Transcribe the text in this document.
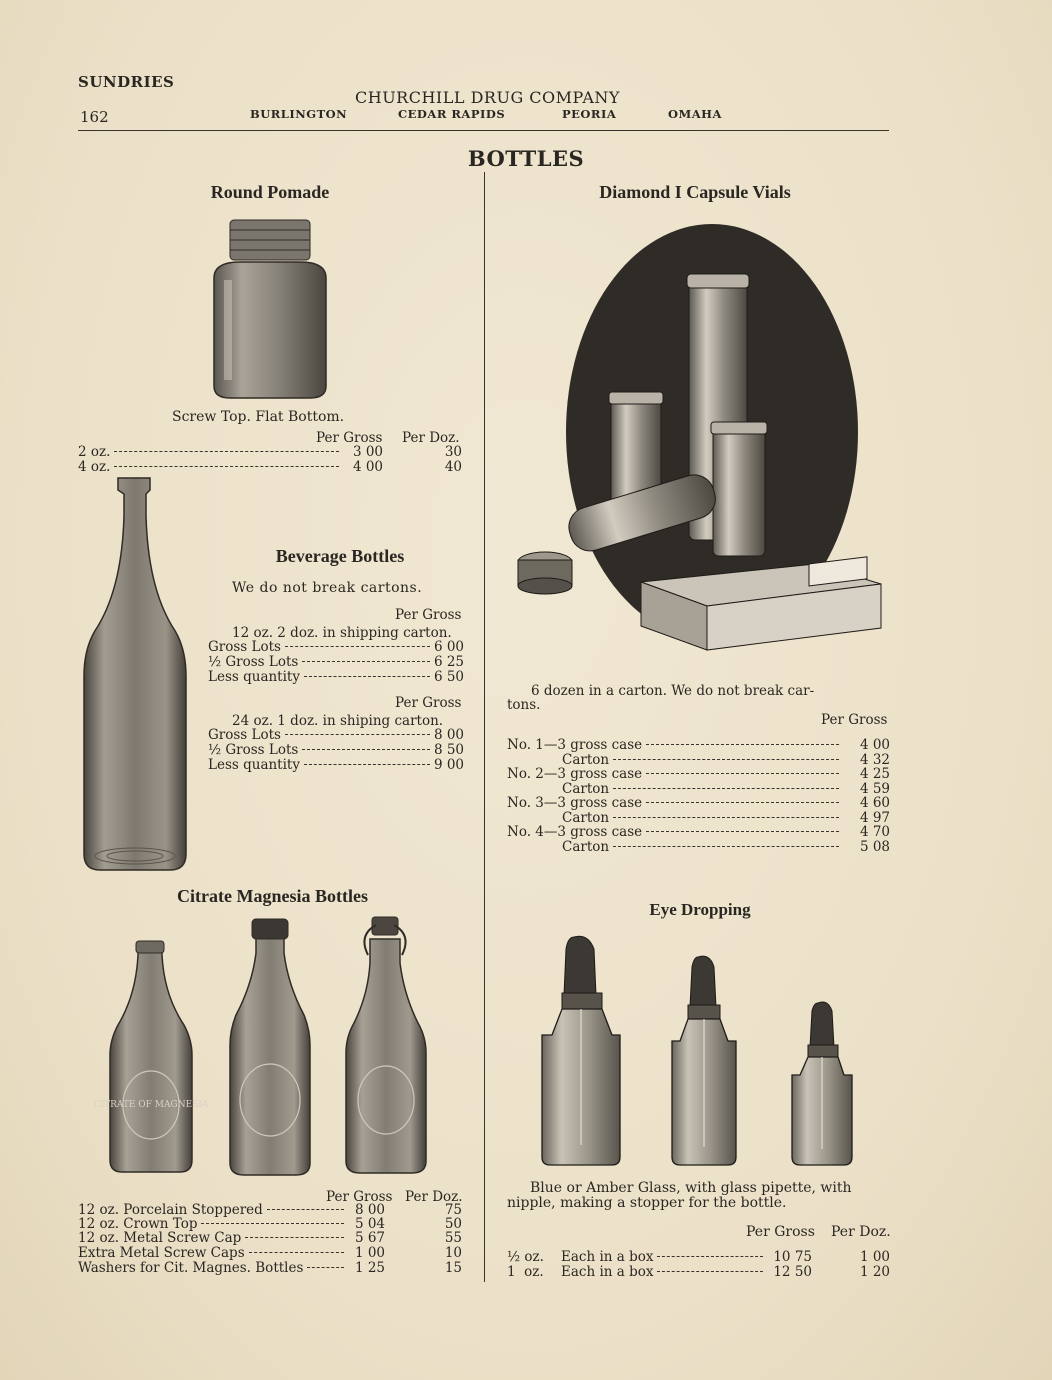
SUNDRIES
162
CHURCHILL DRUG COMPANY
BURLINGTON	CEDAR RAPIDS	PEORIA	OMAHA
BOTTLES
Round Pomade
Screw Top. Flat Bottom.
Per Gross Per Doz.
2 oz.	3 00	30
4 oz.	4 00	40
Beverage Bottles
We do not break cartons.
Per Gross
12 oz. 2 doz. in shipping carton.
Gross Lots	6 00
½ Gross Lots	6 25
Less quantity	6 50
Per Gross
24 oz. 1 doz. in shiping carton.
Gross Lots	8 00
½ Gross Lots	8 50
Less quantity	9 00
Citrate Magnesia Bottles
CITRATE OF MAGNESIA
Per Gross Per Doz.
12 oz. Porcelain Stoppered	8 00	75
12 oz. Crown Top	5 04	50
12 oz. Metal Screw Cap	5 67	55
Extra Metal Screw Caps	1 00	10
Washers for Cit. Magnes. Bottles	1 25	15
Diamond I Capsule Vials
6 dozen in a carton. We do not break car-
tons.
Per Gross
No. 1—3 gross case	4 00
Carton	4 32
No. 2—3 gross case	4 25
Carton	4 59
No. 3—3 gross case	4 60
Carton	4 97
No. 4—3 gross case	4 70
Carton	5 08
Eye Dropping
Blue or Amber Glass, with glass pipette, with
nipple, making a stopper for the bottle.
Per Gross Per Doz.
½ oz. Each in a box	10 75	1 00
1  oz. Each in a box	12 50	1 20
